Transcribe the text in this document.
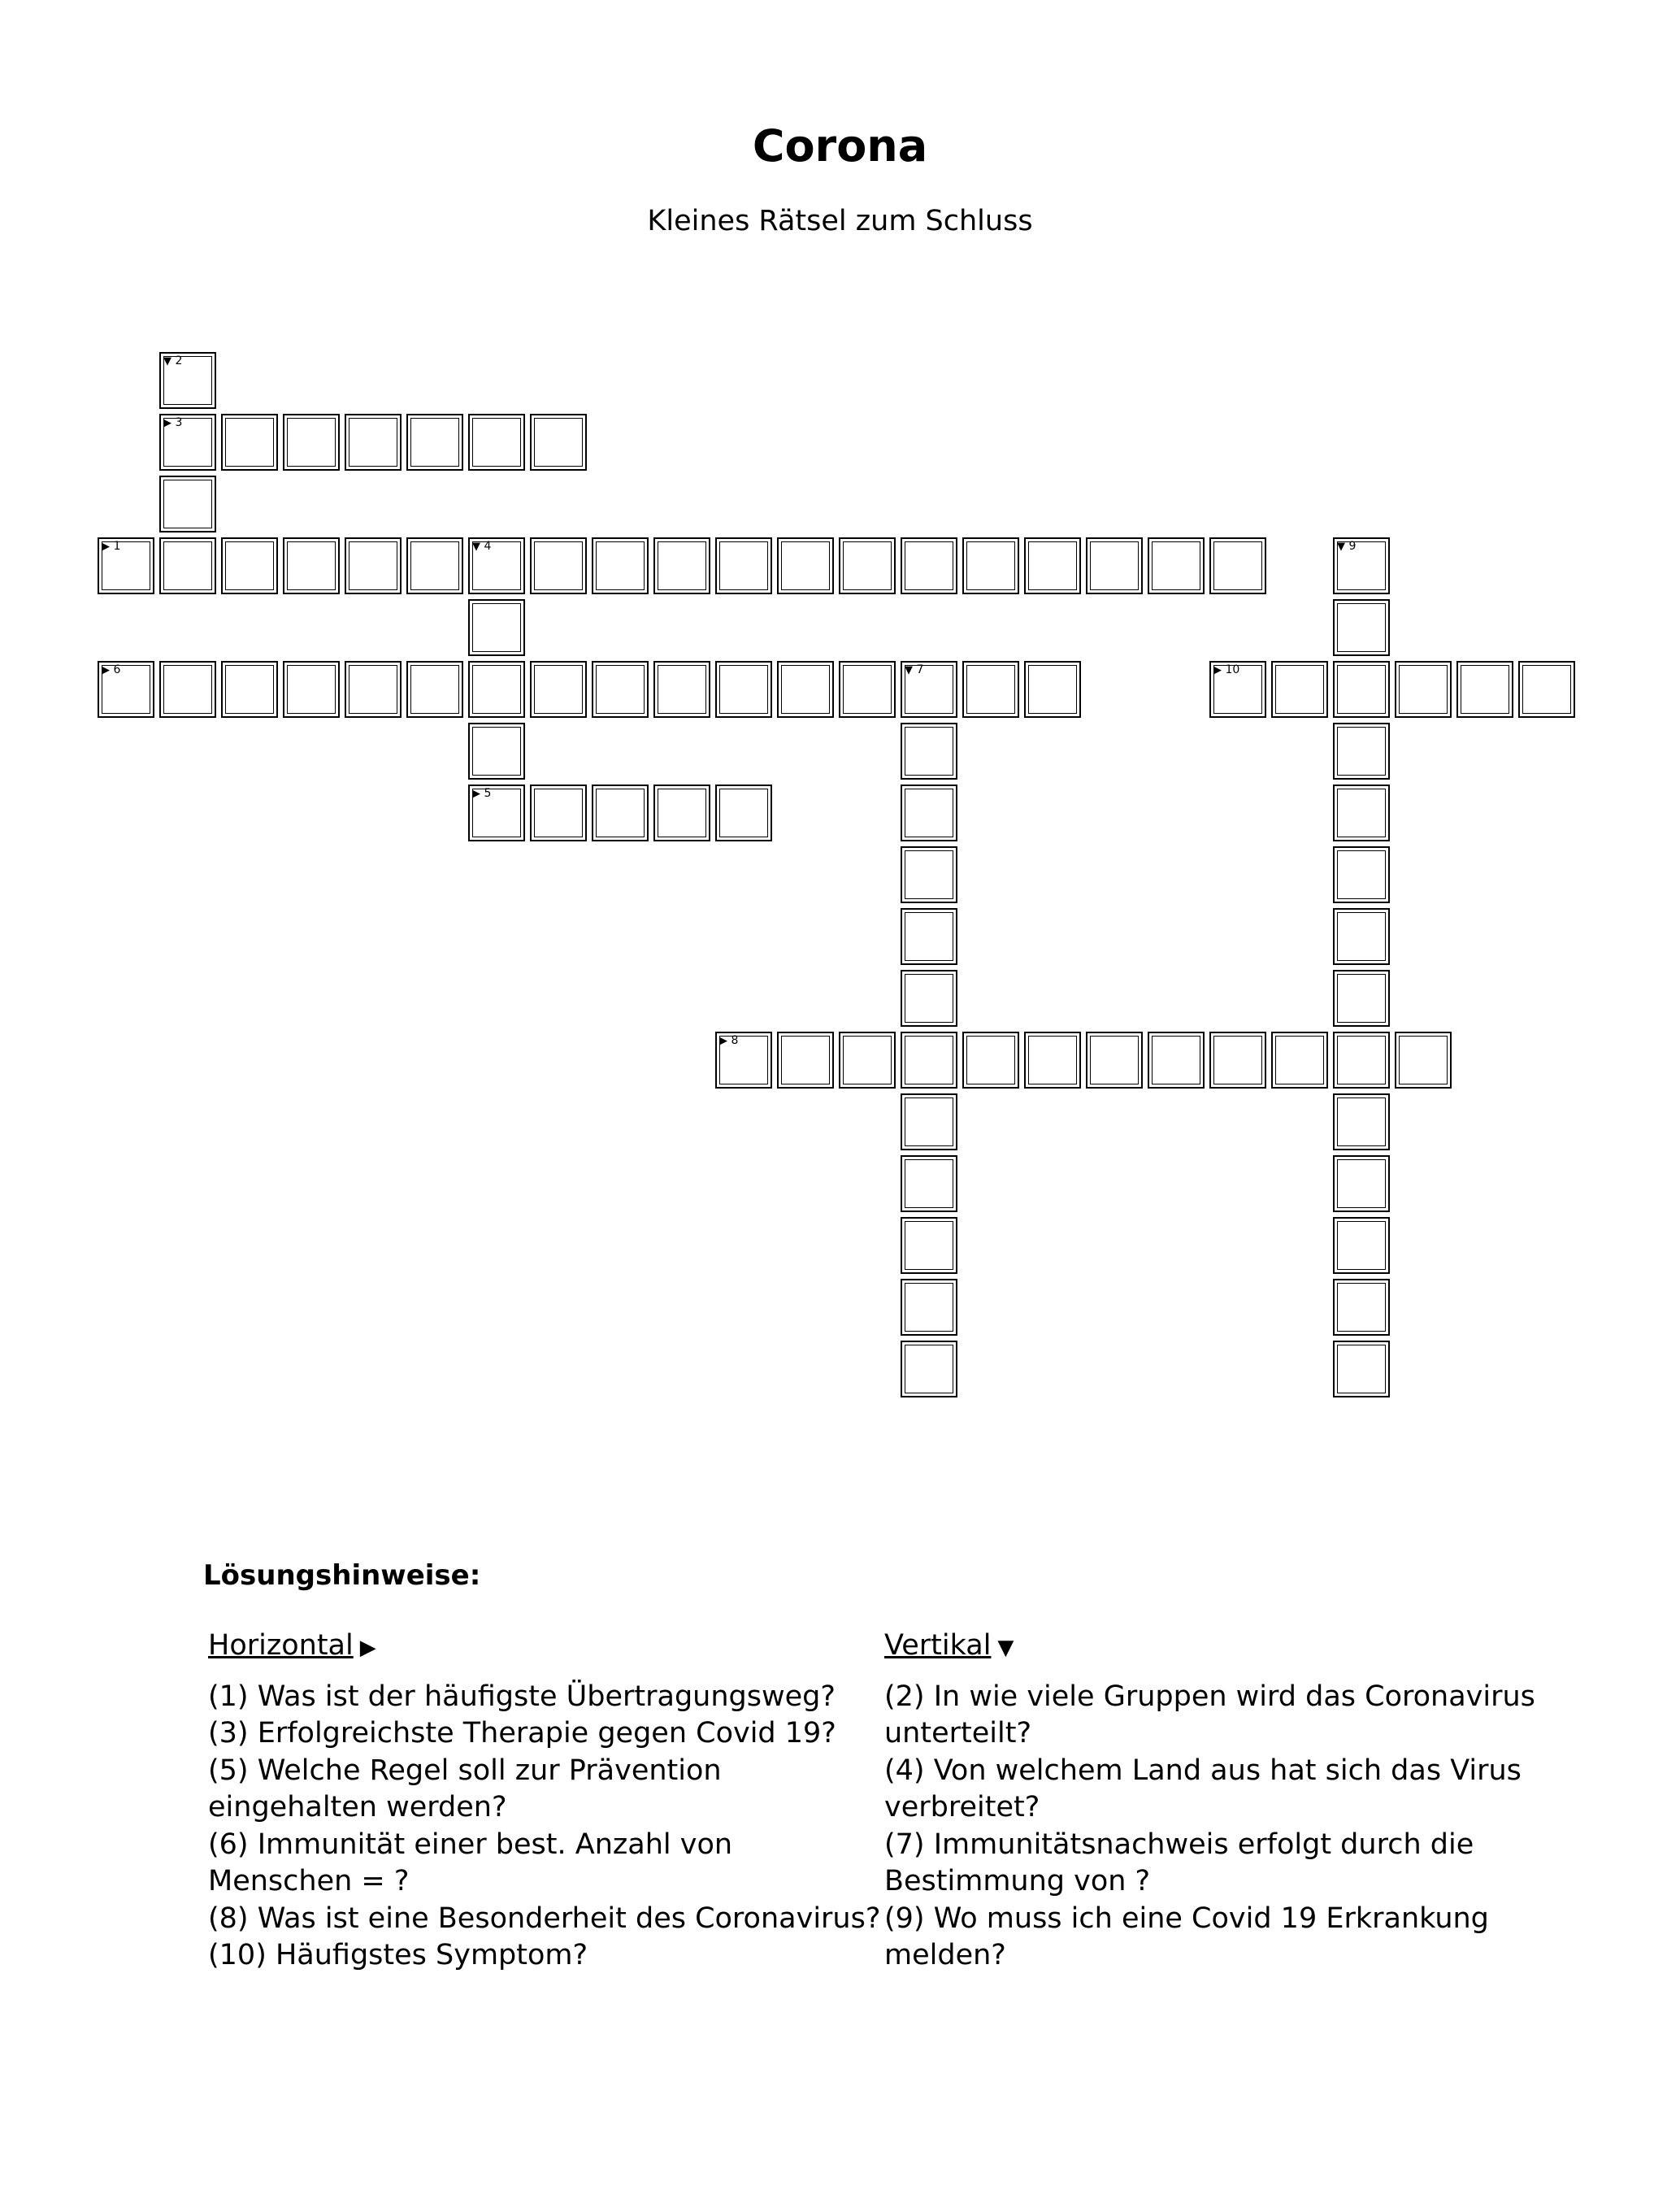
Corona

Kleines Rätsel zum Schluss

▼ 2
▶ 3
▶ 1	▼ 4
▶ 5
▼ 9
▶ 6	▼ 7	▶ 10
▶ 8
Lösungshinweise:
Horizontal ▶

(1) Was ist der häufigste Übertragungsweg?

(3) Erfolgreichste Therapie gegen Covid 19?

(5) Welche Regel soll zur Prävention eingehalten werden?

(6) Immunität einer best. Anzahl von Menschen = ?

(8) Was ist eine Besonderheit des Coronavirus?

(10) Häufigstes Symptom?

Vertikal ▼

(2) In wie viele Gruppen wird das Coronavirus unterteilt?

(4) Von welchem Land aus hat sich das Virus verbreitet?

(7) Immunitätsnachweis erfolgt durch die Bestimmung von ?

(9) Wo muss ich eine Covid 19 Erkrankung melden?
